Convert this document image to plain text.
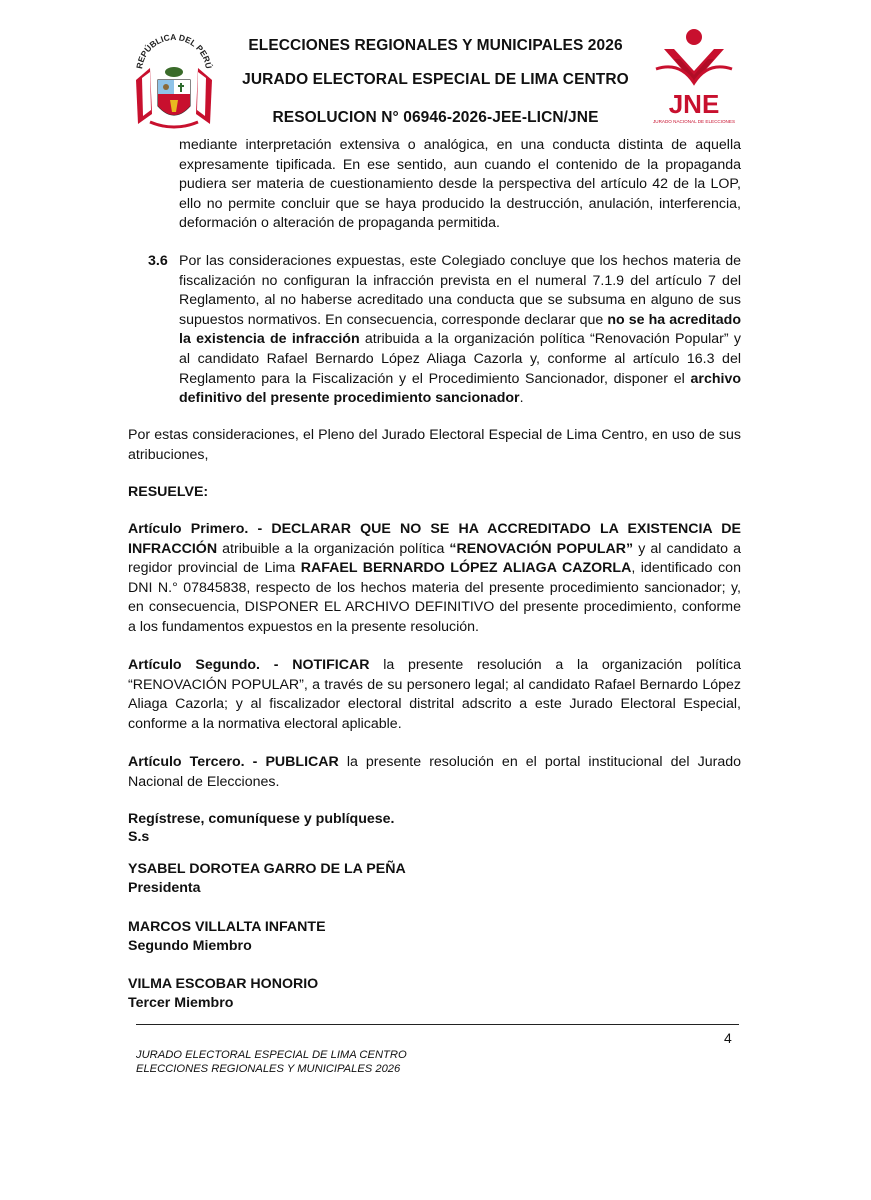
REPÚBLICA DEL PERÚ
ELECCIONES REGIONALES Y MUNICIPALES 2026
JURADO ELECTORAL ESPECIAL DE LIMA CENTRO
RESOLUCION N° 06946-2026-JEE-LICN/JNE	JNE
JURADO NACIONAL DE ELECCIONES

mediante interpretación extensiva o analógica, en una conducta distinta de aquella expresamente tipificada. En ese sentido, aun cuando el contenido de la propaganda pudiera ser materia de cuestionamiento desde la perspectiva del artículo 42 de la LOP, ello no permite concluir que se haya producido la destrucción, anulación, interferencia, deformación o alteración de propaganda permitida.

3.6 Por las consideraciones expuestas, este Colegiado concluye que los hechos materia de fiscalización no configuran la infracción prevista en el numeral 7.1.9 del artículo 7 del Reglamento, al no haberse acreditado una conducta que se subsuma en alguno de sus supuestos normativos. En consecuencia, corresponde declarar que no se ha acreditado la existencia de infracción atribuida a la organización política “Renovación Popular” y al candidato Rafael Bernardo López Aliaga Cazorla y, conforme al artículo 16.3 del Reglamento para la Fiscalización y el Procedimiento Sancionador, disponer el archivo definitivo del presente procedimiento sancionador.

Por estas consideraciones, el Pleno del Jurado Electoral Especial de Lima Centro, en uso de sus atribuciones,

RESUELVE:

Artículo Primero. - DECLARAR QUE NO SE HA ACCREDITADO LA EXISTENCIA DE INFRACCIÓN atribuible a la organización política “RENOVACIÓN POPULAR” y al candidato a regidor provincial de Lima RAFAEL BERNARDO LÓPEZ ALIAGA CAZORLA, identificado con DNI N.° 07845838, respecto de los hechos materia del presente procedimiento sancionador; y, en consecuencia, DISPONER EL ARCHIVO DEFINITIVO del presente procedimiento, conforme a los fundamentos expuestos en la presente resolución.

Artículo Segundo. - NOTIFICAR la presente resolución a la organización política “RENOVACIÓN POPULAR”, a través de su personero legal; al candidato Rafael Bernardo López Aliaga Cazorla; y al fiscalizador electoral distrital adscrito a este Jurado Electoral Especial, conforme a la normativa electoral aplicable.

Artículo Tercero. - PUBLICAR la presente resolución en el portal institucional del Jurado Nacional de Elecciones.

Regístrese, comuníquese y publíquese.
S.s
YSABEL DOROTEA GARRO DE LA PEÑA
Presidenta
MARCOS VILLALTA INFANTE
Segundo Miembro
VILMA ESCOBAR HONORIO
Tercer Miembro
4
JURADO ELECTORAL ESPECIAL DE LIMA CENTRO
ELECCIONES REGIONALES Y MUNICIPALES 2026
